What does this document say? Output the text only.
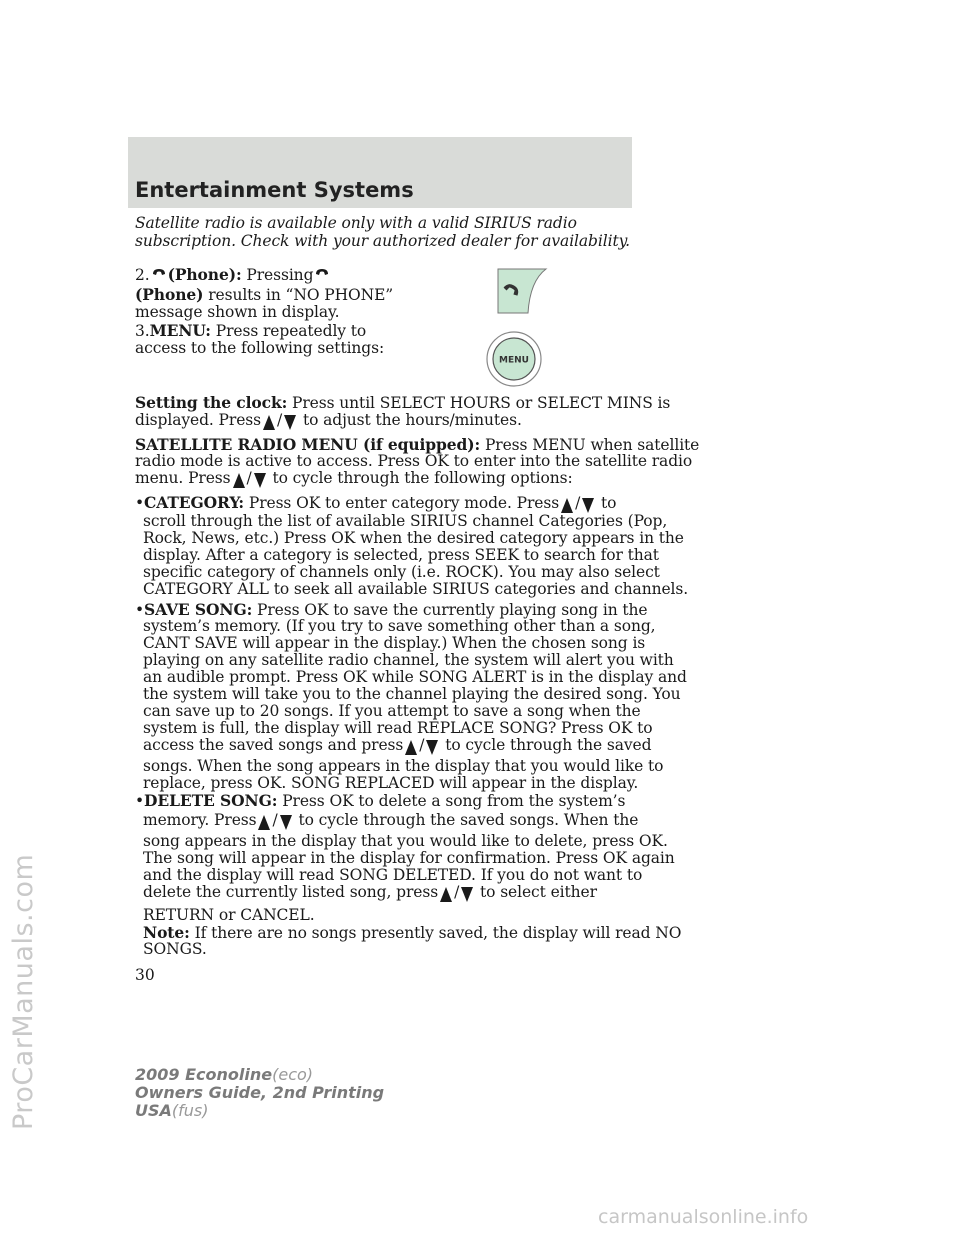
Entertainment Systems
Satellite radio is available only with a valid SIRIUS radio
subscription. Check with your authorized dealer for availability.
2. (Phone): Pressing
(Phone) results in “NO PHONE”
message shown in display.
3.MENU: Press repeatedly to
access to the following settings:
MENU
Setting the clock: Press until SELECT HOURS or SELECT MINS is
displayed. Press / to adjust the hours/minutes.
SATELLITE RADIO MENU (if equipped): Press MENU when satellite
radio mode is active to access. Press OK to enter into the satellite radio
menu. Press / to cycle through the following options:
•CATEGORY: Press OK to enter category mode. Press / to
scroll through the list of available SIRIUS channel Categories (Pop,
Rock, News, etc.) Press OK when the desired category appears in the
display. After a category is selected, press SEEK to search for that
specific category of channels only (i.e. ROCK). You may also select
CATEGORY ALL to seek all available SIRIUS categories and channels.
•SAVE SONG: Press OK to save the currently playing song in the
system’s memory. (If you try to save something other than a song,
CANT SAVE will appear in the display.) When the chosen song is
playing on any satellite radio channel, the system will alert you with
an audible prompt. Press OK while SONG ALERT is in the display and
the system will take you to the channel playing the desired song. You
can save up to 20 songs. If you attempt to save a song when the
system is full, the display will read REPLACE SONG? Press OK to
access the saved songs and press / to cycle through the saved
songs. When the song appears in the display that you would like to
replace, press OK. SONG REPLACED will appear in the display.
•DELETE SONG: Press OK to delete a song from the system’s
memory. Press / to cycle through the saved songs. When the
song appears in the display that you would like to delete, press OK.
The song will appear in the display for confirmation. Press OK again
and the display will read SONG DELETED. If you do not want to
delete the currently listed song, press / to select either
RETURN or CANCEL.
Note: If there are no songs presently saved, the display will read NO
SONGS.
30
2009 Econoline(eco)
Owners Guide, 2nd Printing
USA(fus)
ProCarManuals.com
carmanualsonline.info
